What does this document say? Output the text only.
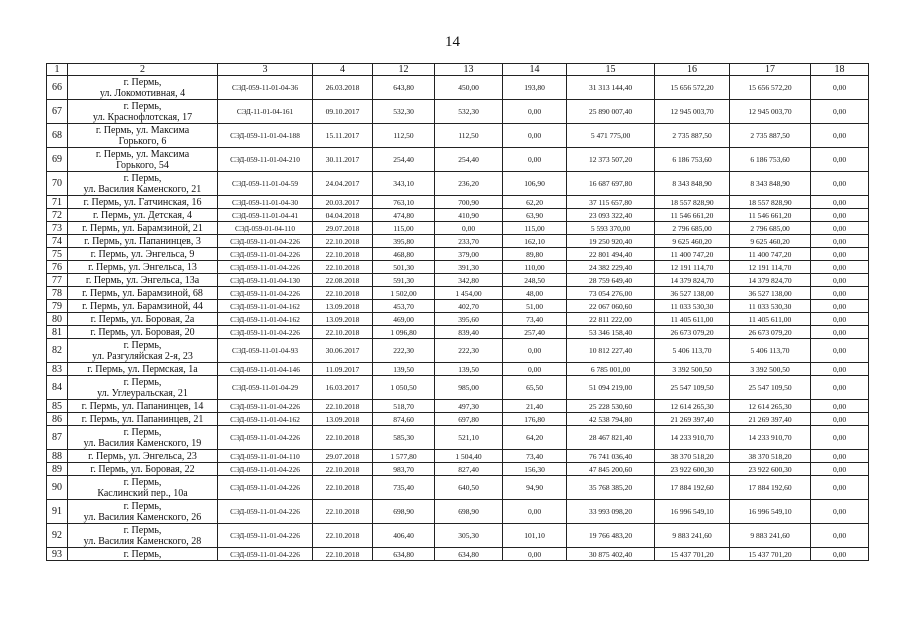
14
1	2	3	4	12	13	14	15	16	17	18
66	г. Пермь,
ул. Локомотивная, 4	СЭД-059-11-01-04-36	26.03.2018	643,80	450,00	193,80	31 313 144,40	15 656 572,20	15 656 572,20	0,00
67	г. Пермь,
ул. Краснофлотская, 17	СЭД-11-01-04-161	09.10.2017	532,30	532,30	0,00	25 890 007,40	12 945 003,70	12 945 003,70	0,00
68	г. Пермь, ул. Максима
Горького, 6	СЭД-059-11-01-04-188	15.11.2017	112,50	112,50	0,00	5 471 775,00	2 735 887,50	2 735 887,50	0,00
69	г. Пермь, ул. Максима
Горького, 54	СЭД-059-11-01-04-210	30.11.2017	254,40	254,40	0,00	12 373 507,20	6 186 753,60	6 186 753,60	0,00
70	г. Пермь,
ул. Василия Каменского, 21	СЭД-059-11-01-04-59	24.04.2017	343,10	236,20	106,90	16 687 697,80	8 343 848,90	8 343 848,90	0,00
71	г. Пермь, ул. Гатчинская, 16	СЭД-059-11-01-04-30	20.03.2017	763,10	700,90	62,20	37 115 657,80	18 557 828,90	18 557 828,90	0,00
72	г. Пермь, ул. Детская, 4	СЭД-059-11-01-04-41	04.04.2018	474,80	410,90	63,90	23 093 322,40	11 546 661,20	11 546 661,20	0,00
73	г. Пермь, ул. Барамзиной, 21	СЭД-059-01-04-110	29.07.2018	115,00	0,00	115,00	5 593 370,00	2 796 685,00	2 796 685,00	0,00
74	г. Пермь, ул. Папанинцев, 3	СЭД-059-11-01-04-226	22.10.2018	395,80	233,70	162,10	19 250 920,40	9 625 460,20	9 625 460,20	0,00
75	г. Пермь, ул. Энгельса, 9	СЭД-059-11-01-04-226	22.10.2018	468,80	379,00	89,80	22 801 494,40	11 400 747,20	11 400 747,20	0,00
76	г. Пермь, ул. Энгельса, 13	СЭД-059-11-01-04-226	22.10.2018	501,30	391,30	110,00	24 382 229,40	12 191 114,70	12 191 114,70	0,00
77	г. Пермь, ул. Энгельса, 13а	СЭД-059-11-01-04-130	22.08.2018	591,30	342,80	248,50	28 759 649,40	14 379 824,70	14 379 824,70	0,00
78	г. Пермь, ул. Барамзиной, 68	СЭД-059-11-01-04-226	22.10.2018	1 502,00	1 454,00	48,00	73 054 276,00	36 527 138,00	36 527 138,00	0,00
79	г. Пермь, ул. Барамзиной, 44	СЭД-059-11-01-04-162	13.09.2018	453,70	402,70	51,00	22 067 060,60	11 033 530,30	11 033 530,30	0,00
80	г. Пермь, ул. Боровая, 2а	СЭД-059-11-01-04-162	13.09.2018	469,00	395,60	73,40	22 811 222,00	11 405 611,00	11 405 611,00	0,00
81	г. Пермь, ул. Боровая, 20	СЭД-059-11-01-04-226	22.10.2018	1 096,80	839,40	257,40	53 346 158,40	26 673 079,20	26 673 079,20	0,00
82	г. Пермь,
ул. Разгуляйская 2-я, 23	СЭД-059-11-01-04-93	30.06.2017	222,30	222,30	0,00	10 812 227,40	5 406 113,70	5 406 113,70	0,00
83	г. Пермь, ул. Пермская, 1а	СЭД-059-11-01-04-146	11.09.2017	139,50	139,50	0,00	6 785 001,00	3 392 500,50	3 392 500,50	0,00
84	г. Пермь,
ул. Углеуральская, 21	СЭД-059-11-01-04-29	16.03.2017	1 050,50	985,00	65,50	51 094 219,00	25 547 109,50	25 547 109,50	0,00
85	г. Пермь, ул. Папанинцев, 14	СЭД-059-11-01-04-226	22.10.2018	518,70	497,30	21,40	25 228 530,60	12 614 265,30	12 614 265,30	0,00
86	г. Пермь, ул. Папанинцев, 21	СЭД-059-11-01-04-162	13.09.2018	874,60	697,80	176,80	42 538 794,80	21 269 397,40	21 269 397,40	0,00
87	г. Пермь,
ул. Василия Каменского, 19	СЭД-059-11-01-04-226	22.10.2018	585,30	521,10	64,20	28 467 821,40	14 233 910,70	14 233 910,70	0,00
88	г. Пермь, ул. Энгельса, 23	СЭД-059-11-01-04-110	29.07.2018	1 577,80	1 504,40	73,40	76 741 036,40	38 370 518,20	38 370 518,20	0,00
89	г. Пермь, ул. Боровая, 22	СЭД-059-11-01-04-226	22.10.2018	983,70	827,40	156,30	47 845 200,60	23 922 600,30	23 922 600,30	0,00
90	г. Пермь,
Каслинский пер., 10а	СЭД-059-11-01-04-226	22.10.2018	735,40	640,50	94,90	35 768 385,20	17 884 192,60	17 884 192,60	0,00
91	г. Пермь,
ул. Василия Каменского, 26	СЭД-059-11-01-04-226	22.10.2018	698,90	698,90	0,00	33 993 098,20	16 996 549,10	16 996 549,10	0,00
92	г. Пермь,
ул. Василия Каменского, 28	СЭД-059-11-01-04-226	22.10.2018	406,40	305,30	101,10	19 766 483,20	9 883 241,60	9 883 241,60	0,00
93	г. Пермь,	СЭД-059-11-01-04-226	22.10.2018	634,80	634,80	0,00	30 875 402,40	15 437 701,20	15 437 701,20	0,00
